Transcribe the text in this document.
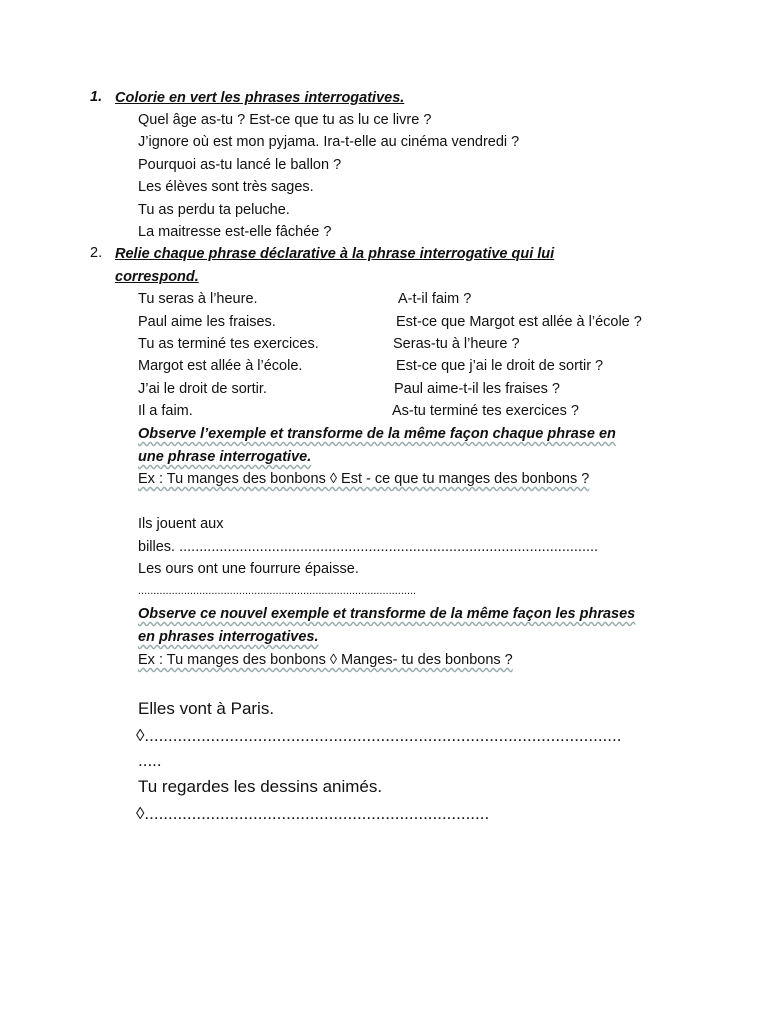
1. Colorie en vert les phrases interrogatives.
Quel âge as-tu ? Est-ce que tu as lu ce livre ?
J’ignore où est mon pyjama. Ira-t-elle au cinéma vendredi ?
Pourquoi as-tu lancé le ballon ?
Les élèves sont très sages.
Tu as perdu ta peluche.
La maitresse est-elle fâchée ?
2. Relie chaque phrase déclarative à la phrase interrogative qui lui
correspond.
Tu seras à l’heure.
Paul aime les fraises.
Tu as terminé tes exercices.
Margot est allée à l’école.
J’ai le droit de sortir.
Il a faim.
A-t-il faim ?
Est-ce que Margot est allée à l’école ?
Seras-tu à l’heure ?
Est-ce que j’ai le droit de sortir ?
Paul aime-t-il les fraises ?
As-tu terminé tes exercices ?
Observe l’exemple et transforme de la même façon chaque phrase en
une phrase interrogative.
Ex : Tu manges des bonbons ◊ Est - ce que tu manges des bonbons ?
Ils jouent aux
billes. ........................................................................................................
Les ours ont une fourrure épaisse.
...........................................................................................
Observe ce nouvel exemple et transforme de la même façon les phrases
en phrases interrogatives.
Ex : Tu manges des bonbons ◊ Manges- tu des bonbons ?
Elles vont à Paris.
◊.....................................................................................................
.....
Tu regardes les dessins animés.
◊.........................................................................
